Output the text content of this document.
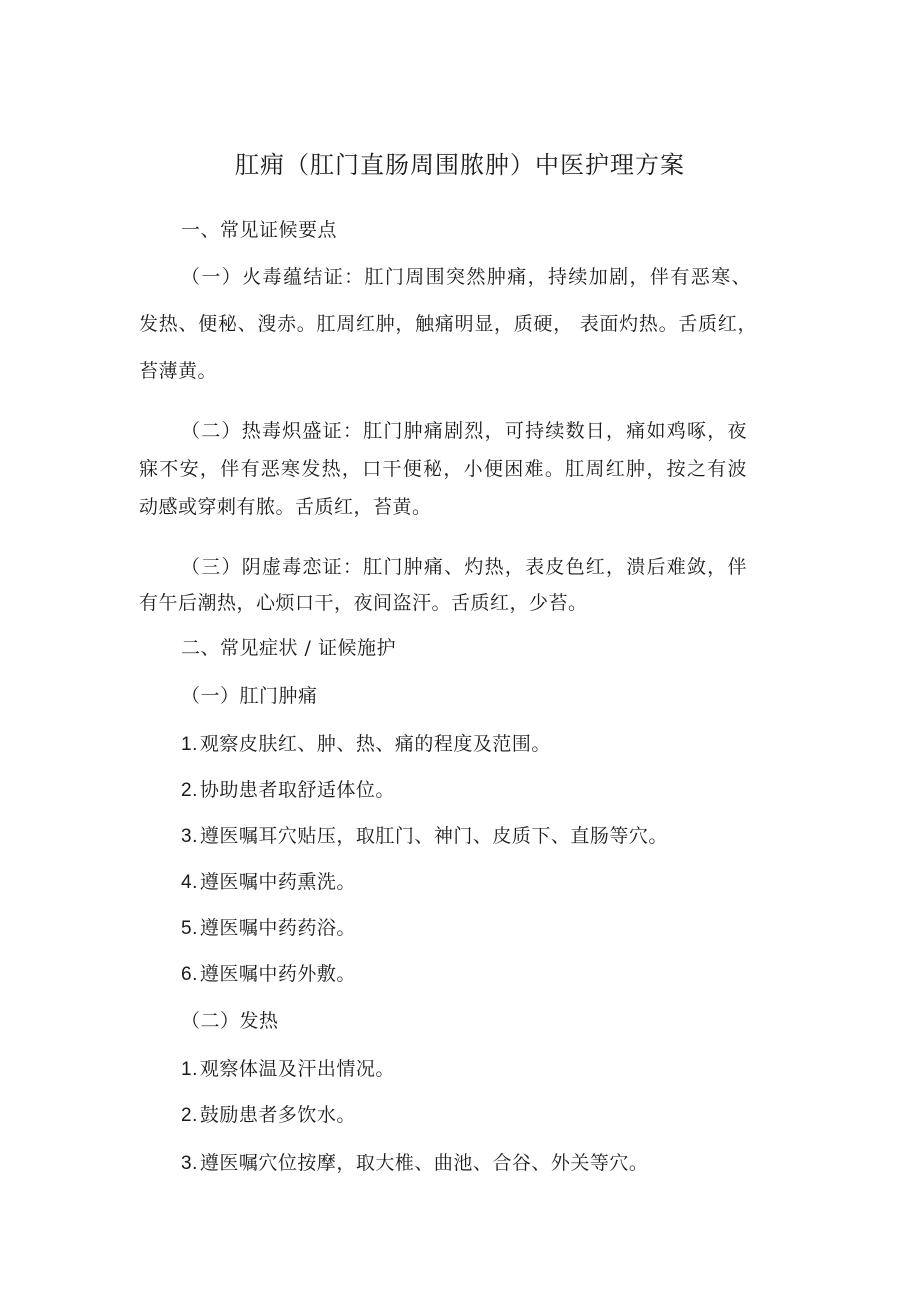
肛痈（肛门直肠周围脓肿）中医护理方案
一、常见证候要点
（一）火毒蕴结证：肛门周围突然肿痛，持续加剧，伴有恶寒、
发热、便秘、溲赤。肛周红肿，触痛明显，质硬， 表面灼热。舌质红，
苔薄黄。
（二）热毒炽盛证：肛门肿痛剧烈，可持续数日，痛如鸡啄，夜
寐不安，伴有恶寒发热，口干便秘，小便困难。肛周红肿，按之有波
动感或穿刺有脓。舌质红，苔黄。
（三）阴虚毒恋证：肛门肿痛、灼热，表皮色红，溃后难敛，伴
有午后潮热，心烦口干，夜间盗汗。舌质红，少苔。
二、常见症状 / 证候施护
（一）肛门肿痛
1. 观察皮肤红、肿、热、痛的程度及范围。
2. 协助患者取舒适体位。
3. 遵医嘱耳穴贴压，取肛门、神门、皮质下、直肠等穴。
4. 遵医嘱中药熏洗。
5. 遵医嘱中药药浴。
6. 遵医嘱中药外敷。
（二）发热
1. 观察体温及汗出情况。
2. 鼓励患者多饮水。
3. 遵医嘱穴位按摩，取大椎、曲池、合谷、外关等穴。
